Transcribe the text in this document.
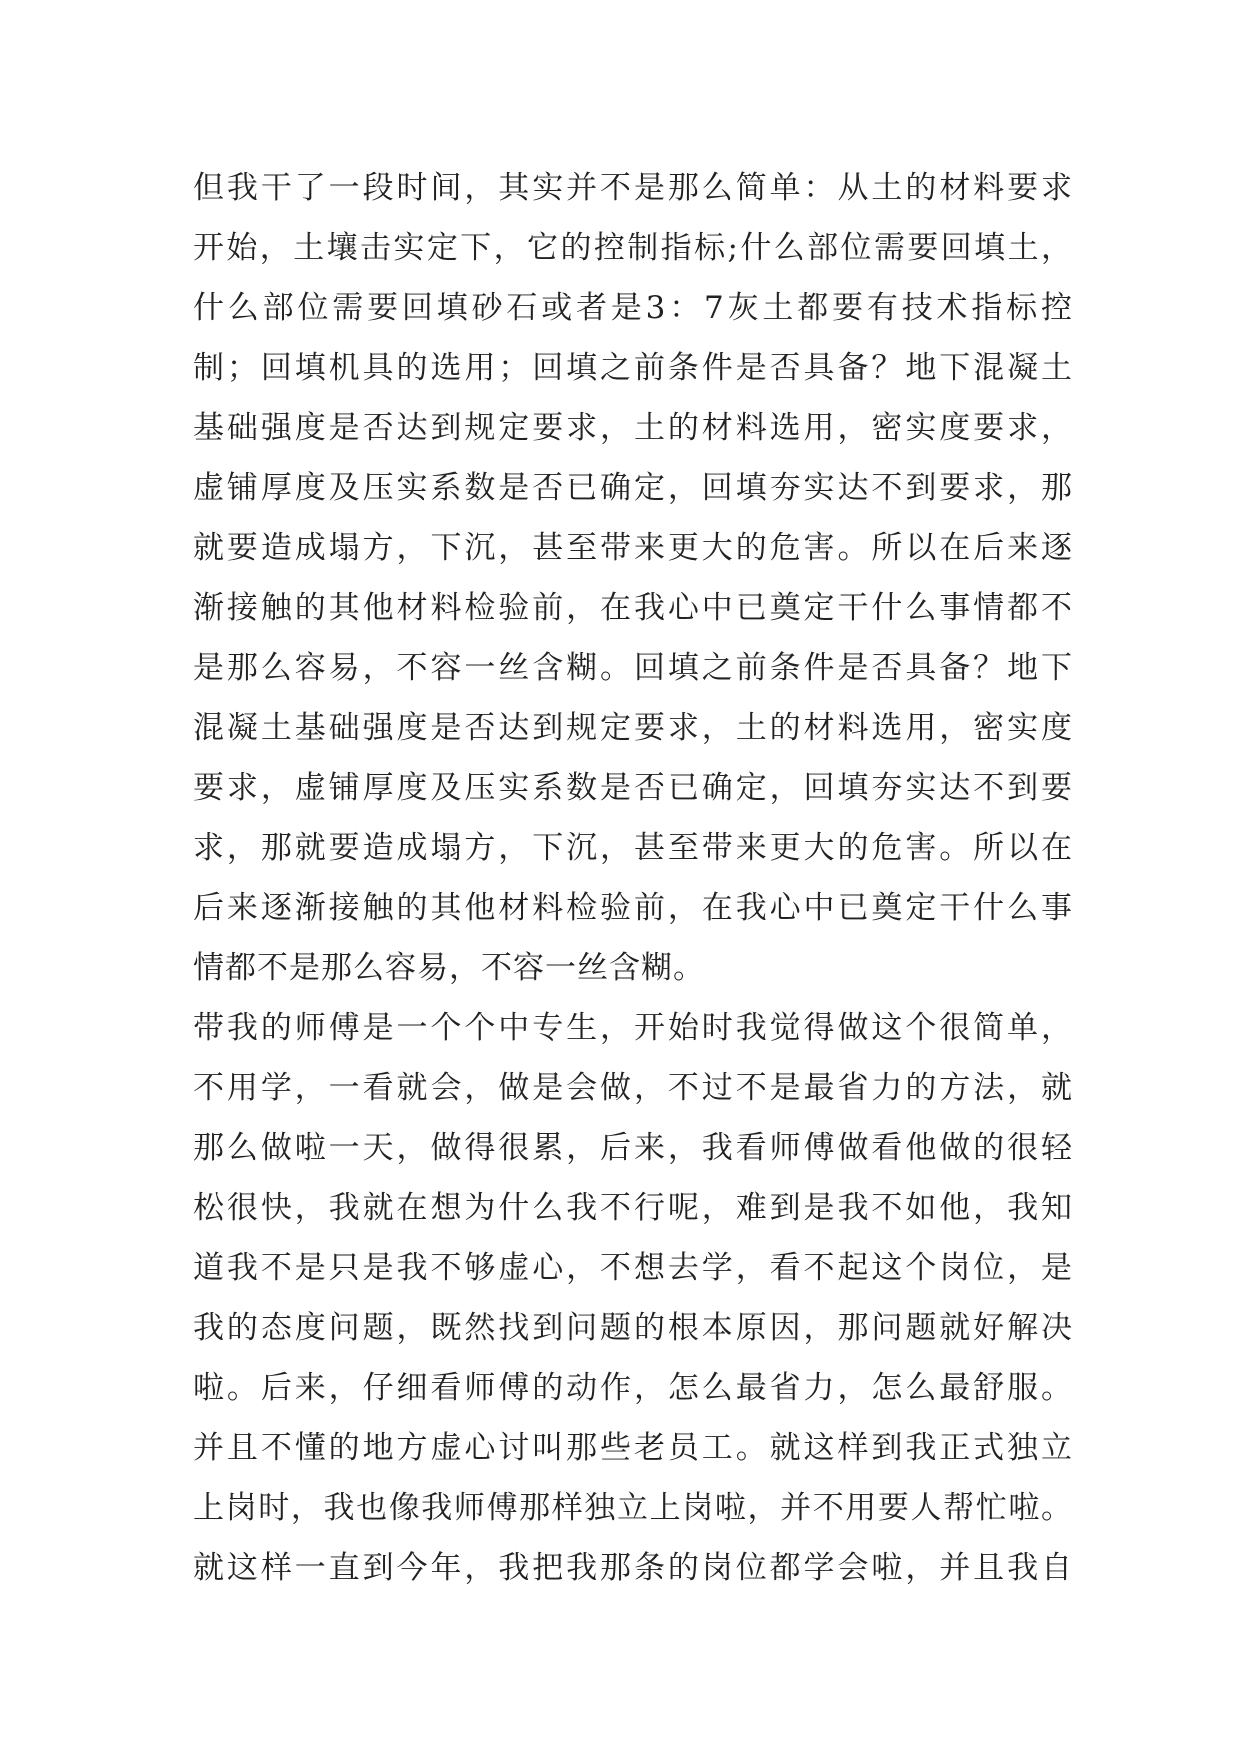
但我干了一段时间，其实并不是那么简单：从土的材料要求
开始，土壤击实定下，它的控制指标;什么部位需要回填土，
什么部位需要回填砂石或者是3：7灰土都要有技术指标控
制；回填机具的选用；回填之前条件是否具备？地下混凝土
基础强度是否达到规定要求，土的材料选用，密实度要求，
虚铺厚度及压实系数是否已确定，回填夯实达不到要求，那
就要造成塌方，下沉，甚至带来更大的危害。所以在后来逐
渐接触的其他材料检验前，在我心中已奠定干什么事情都不
是那么容易，不容一丝含糊。回填之前条件是否具备？地下
混凝土基础强度是否达到规定要求，土的材料选用，密实度
要求，虚铺厚度及压实系数是否已确定，回填夯实达不到要
求，那就要造成塌方，下沉，甚至带来更大的危害。所以在
后来逐渐接触的其他材料检验前，在我心中已奠定干什么事
情都不是那么容易，不容一丝含糊。
带我的师傅是一个个中专生，开始时我觉得做这个很简单，
不用学，一看就会，做是会做，不过不是最省力的方法，就
那么做啦一天，做得很累，后来，我看师傅做看他做的很轻
松很快，我就在想为什么我不行呢，难到是我不如他，我知
道我不是只是我不够虚心，不想去学，看不起这个岗位，是
我的态度问题，既然找到问题的根本原因，那问题就好解决
啦。后来，仔细看师傅的动作，怎么最省力，怎么最舒服。
并且不懂的地方虚心讨叫那些老员工。就这样到我正式独立
上岗时，我也像我师傅那样独立上岗啦，并不用要人帮忙啦。
就这样一直到今年，我把我那条的岗位都学会啦，并且我自
